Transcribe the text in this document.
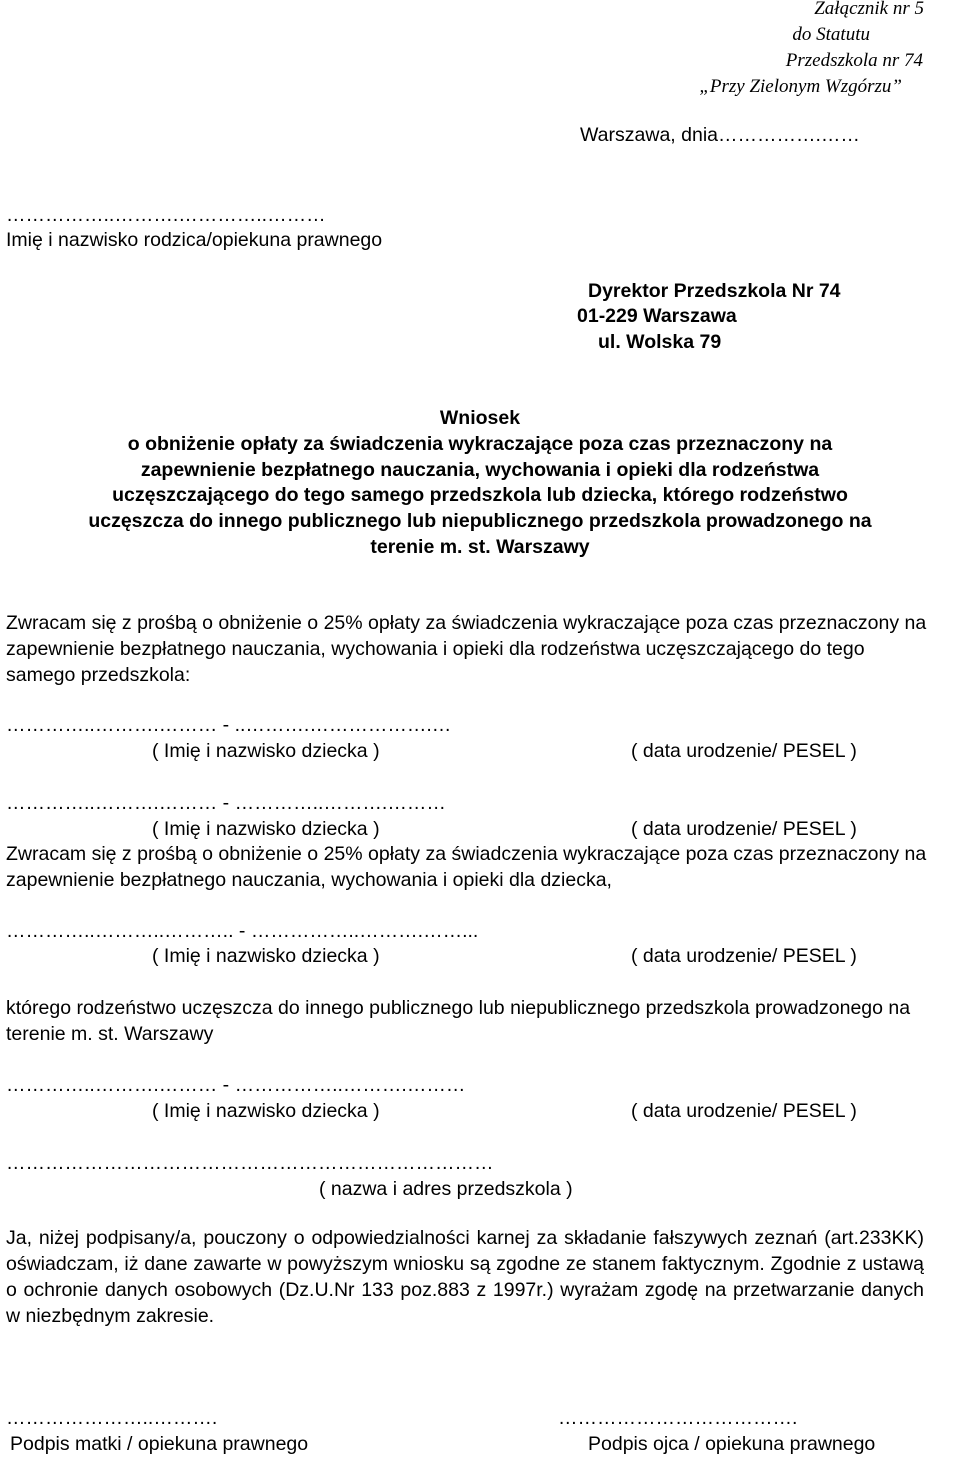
Załącznik nr 5
do Statutu
Przedszkola nr 74
„Przy Zielonym Wzgórzu”
Warszawa, dnia…………….……
……………..……….…………..………
Imię i nazwisko rodzica/opiekuna prawnego
Dyrektor Przedszkola Nr 74
01-229 Warszawa
ul. Wolska 79
Wniosek
o obniżenie opłaty za świadczenia wykraczające poza czas przeznaczony na
zapewnienie bezpłatnego nauczania, wychowania i opieki dla rodzeństwa
uczęszczającego do tego samego przedszkola lub dziecka, którego rodzeństwo
uczęszcza do innego publicznego lub niepublicznego przedszkola prowadzonego na
terenie m. st. Warszawy
Zwracam się z prośbą o obniżenie o 25% opłaty za świadczenia wykraczające poza czas przeznaczony na zapewnienie bezpłatnego nauczania, wychowania i opieki dla rodzeństwa uczęszczającego do tego samego przedszkola:
…………..……….……… - ..……….……………….…
( Imię i nazwisko dziecka )	( data urodzenie/ PESEL )
…………..……….……… - …………..……….………
( Imię i nazwisko dziecka )	( data urodzenie/ PESEL )
Zwracam się z prośbą o obniżenie o 25% opłaty za świadczenia wykraczające poza czas przeznaczony na zapewnienie bezpłatnego nauczania, wychowania i opieki dla dziecka,
…………..………..……….. - ……………..……….……...
( Imię i nazwisko dziecka )	( data urodzenie/ PESEL )
którego rodzeństwo uczęszcza do innego publicznego lub niepublicznego przedszkola prowadzonego na terenie m. st. Warszawy
…………..……….……… - ……………..……….………
( Imię i nazwisko dziecka )	( data urodzenie/ PESEL )
…………………………………………………………………
( nazwa i adres przedszkola )
Ja, niżej podpisany/a, pouczony o odpowiedzialności karnej za składanie fałszywych zeznań (art.233KK) oświadczam, iż dane zawarte w powyższym wniosku są zgodne ze stanem faktycznym. Zgodnie z ustawą o ochronie danych osobowych (Dz.U.Nr 133 poz.883 z 1997r.) wyrażam zgodę na przetwarzanie danych w niezbędnym zakresie.
…………………..……….
Podpis matki / opiekuna prawnego
……………………………….
Podpis ojca / opiekuna prawnego
